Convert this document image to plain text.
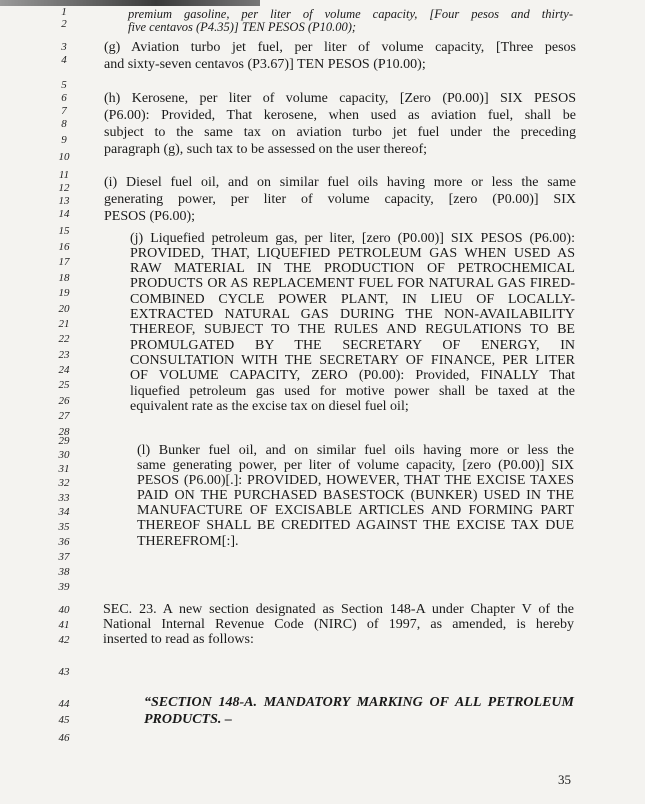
1
2
3
4
5
6
7
8
9
10
11
12
13
14
15
16
17
18
19
20
21
22
23
24
25
26
27
28
29
30
31
32
33
34
35
36
37
38
39
40
41
42
43
44
45
46
premium gasoline, per liter of volume capacity, [Four pesos and thirty-
five centavos (P4.35)] TEN PESOS (P10.00);
(g) Aviation turbo jet fuel, per liter of volume capacity, [Three pesos
and sixty-seven centavos (P3.67)] TEN PESOS (P10.00);
(h) Kerosene, per liter of volume capacity, [Zero (P0.00)] SIX PESOS
(P6.00): Provided, That kerosene, when used as aviation fuel, shall be
subject to the same tax on aviation turbo jet fuel under the preceding
paragraph (g), such tax to be assessed on the user thereof;
(i) Diesel fuel oil, and on similar fuel oils having more or less the same
generating power, per liter of volume capacity, [zero (P0.00)] SIX
PESOS (P6.00);
(j) Liquefied petroleum gas, per liter, [zero (P0.00)] SIX PESOS (P6.00):
PROVIDED, THAT, LIQUEFIED PETROLEUM GAS WHEN USED AS
RAW MATERIAL IN THE PRODUCTION OF PETROCHEMICAL
PRODUCTS OR AS REPLACEMENT FUEL FOR NATURAL GAS FIRED-
COMBINED CYCLE POWER PLANT, IN LIEU OF LOCALLY-
EXTRACTED NATURAL GAS DURING THE NON-AVAILABILITY
THEREOF, SUBJECT TO THE RULES AND REGULATIONS TO BE
PROMULGATED BY THE SECRETARY OF ENERGY, IN
CONSULTATION WITH THE SECRETARY OF FINANCE, PER LITER
OF VOLUME CAPACITY, ZERO (P0.00): Provided, FINALLY That
liquefied petroleum gas used for motive power shall be taxed at the
equivalent rate as the excise tax on diesel fuel oil;
(l) Bunker fuel oil, and on similar fuel oils having more or less the
same generating power, per liter of volume capacity, [zero (P0.00)] SIX
PESOS (P6.00)[.]: PROVIDED, HOWEVER, THAT THE EXCISE TAXES
PAID ON THE PURCHASED BASESTOCK (BUNKER) USED IN THE
MANUFACTURE OF EXCISABLE ARTICLES AND FORMING PART
THEREOF SHALL BE CREDITED AGAINST THE EXCISE TAX DUE
THEREFROM[:].
SEC. 23. A new section designated as Section 148-A under Chapter V of the
National Internal Revenue Code (NIRC) of 1997, as amended, is hereby
inserted to read as follows:
“SECTION 148-A. MANDATORY MARKING OF ALL PETROLEUM
PRODUCTS. –
35
